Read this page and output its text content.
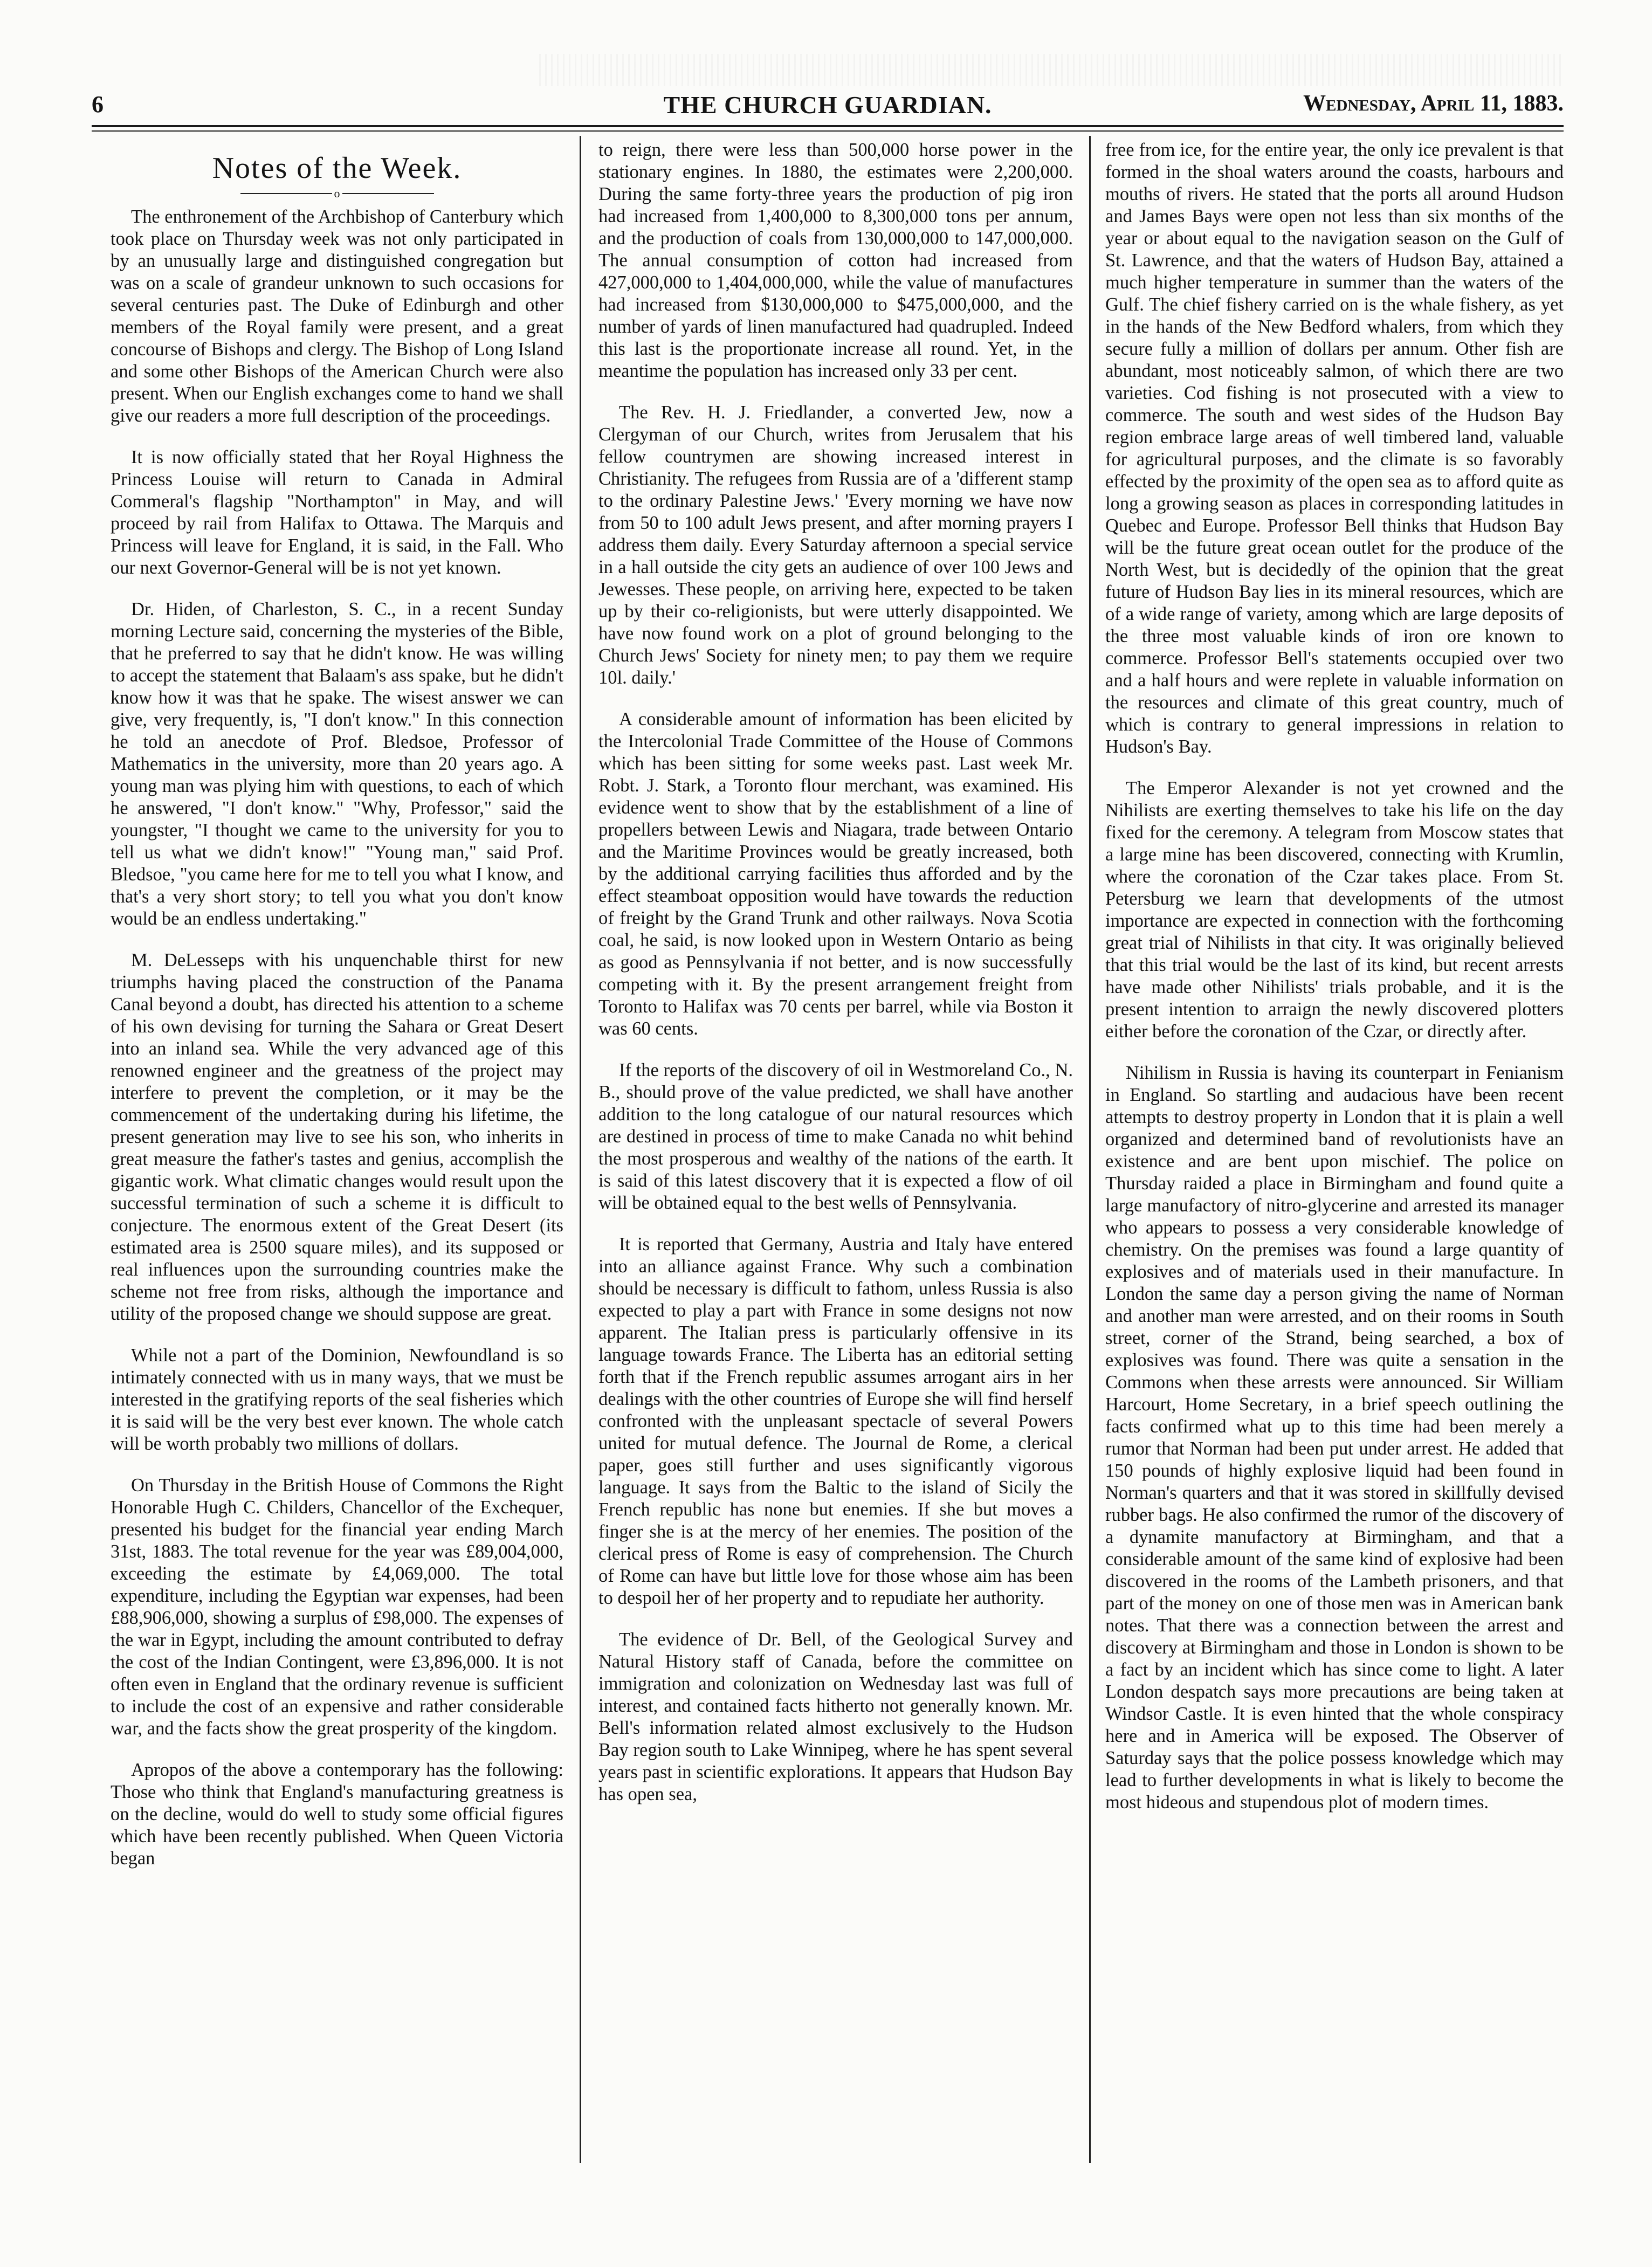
6	THE CHURCH GUARDIAN.	Wednesday, April 11, 1883.
Notes of the Week.
o

The enthronement of the Archbishop of Canterbury which took place on Thursday week was not only participated in by an unusually large and distinguished congregation but was on a scale of grandeur unknown to such occasions for several centuries past. The Duke of Edinburgh and other members of the Royal family were present, and a great concourse of Bishops and clergy. The Bishop of Long Island and some other Bishops of the American Church were also present. When our English exchanges come to hand we shall give our readers a more full description of the proceedings.

It is now officially stated that her Royal Highness the Princess Louise will return to Canada in Admiral Commeral's flagship "Northampton" in May, and will proceed by rail from Halifax to Ottawa. The Marquis and Princess will leave for England, it is said, in the Fall. Who our next Governor-General will be is not yet known.

Dr. Hiden, of Charleston, S. C., in a recent Sunday morning Lecture said, concerning the mysteries of the Bible, that he preferred to say that he didn't know. He was willing to accept the statement that Balaam's ass spake, but he didn't know how it was that he spake. The wisest answer we can give, very frequently, is, "I don't know." In this connection he told an anecdote of Prof. Bledsoe, Professor of Mathematics in the university, more than 20 years ago. A young man was plying him with questions, to each of which he answered, "I don't know." "Why, Professor," said the youngster, "I thought we came to the university for you to tell us what we didn't know!" "Young man," said Prof. Bledsoe, "you came here for me to tell you what I know, and that's a very short story; to tell you what you don't know would be an endless undertaking."

M. DeLesseps with his unquenchable thirst for new triumphs having placed the construction of the Panama Canal beyond a doubt, has directed his attention to a scheme of his own devising for turning the Sahara or Great Desert into an inland sea. While the very advanced age of this renowned engineer and the greatness of the project may interfere to prevent the completion, or it may be the commencement of the undertaking during his lifetime, the present generation may live to see his son, who inherits in great measure the father's tastes and genius, accomplish the gigantic work. What climatic changes would result upon the successful termination of such a scheme it is difficult to conjecture. The enormous extent of the Great Desert (its estimated area is 2500 square miles), and its supposed or real influences upon the surrounding countries make the scheme not free from risks, although the importance and utility of the proposed change we should suppose are great.

While not a part of the Dominion, Newfoundland is so intimately connected with us in many ways, that we must be interested in the gratifying reports of the seal fisheries which it is said will be the very best ever known. The whole catch will be worth probably two millions of dollars.

On Thursday in the British House of Commons the Right Honorable Hugh C. Childers, Chancellor of the Exchequer, presented his budget for the financial year ending March 31st, 1883. The total revenue for the year was £89,004,000, exceeding the estimate by £4,069,000. The total expenditure, including the Egyptian war expenses, had been £88,906,000, showing a surplus of £98,000. The expenses of the war in Egypt, including the amount contributed to defray the cost of the Indian Contingent, were £3,896,000. It is not often even in England that the ordinary revenue is sufficient to include the cost of an expensive and rather considerable war, and the facts show the great prosperity of the kingdom.

Apropos of the above a contemporary has the following: Those who think that England's manufacturing greatness is on the decline, would do well to study some official figures which have been recently published. When Queen Victoria began

to reign, there were less than 500,000 horse power in the stationary engines. In 1880, the estimates were 2,200,000. During the same forty-three years the production of pig iron had increased from 1,400,000 to 8,300,000 tons per annum, and the production of coals from 130,000,000 to 147,000,000. The annual consumption of cotton had increased from 427,000,000 to 1,404,000,000, while the value of manufactures had increased from $130,000,000 to $475,000,000, and the number of yards of linen manufactured had quadrupled. Indeed this last is the proportionate increase all round. Yet, in the meantime the population has increased only 33 per cent.

The Rev. H. J. Friedlander, a converted Jew, now a Clergyman of our Church, writes from Jerusalem that his fellow countrymen are showing increased interest in Christianity. The refugees from Russia are of a 'different stamp to the ordinary Palestine Jews.' 'Every morning we have now from 50 to 100 adult Jews present, and after morning prayers I address them daily. Every Saturday afternoon a special service in a hall outside the city gets an audience of over 100 Jews and Jewesses. These people, on arriving here, expected to be taken up by their co-religionists, but were utterly disappointed. We have now found work on a plot of ground belonging to the Church Jews' Society for ninety men; to pay them we require 10l. daily.'

A considerable amount of information has been elicited by the Intercolonial Trade Committee of the House of Commons which has been sitting for some weeks past. Last week Mr. Robt. J. Stark, a Toronto flour merchant, was examined. His evidence went to show that by the establishment of a line of propellers between Lewis and Niagara, trade between Ontario and the Maritime Provinces would be greatly increased, both by the additional carrying facilities thus afforded and by the effect steamboat opposition would have towards the reduction of freight by the Grand Trunk and other railways. Nova Scotia coal, he said, is now looked upon in Western Ontario as being as good as Pennsylvania if not better, and is now successfully competing with it. By the present arrangement freight from Toronto to Halifax was 70 cents per barrel, while via Boston it was 60 cents.

If the reports of the discovery of oil in Westmoreland Co., N. B., should prove of the value predicted, we shall have another addition to the long catalogue of our natural resources which are destined in process of time to make Canada no whit behind the most prosperous and wealthy of the nations of the earth. It is said of this latest discovery that it is expected a flow of oil will be obtained equal to the best wells of Pennsylvania.

It is reported that Germany, Austria and Italy have entered into an alliance against France. Why such a combination should be necessary is difficult to fathom, unless Russia is also expected to play a part with France in some designs not now apparent. The Italian press is particularly offensive in its language towards France. The Liberta has an editorial setting forth that if the French republic assumes arrogant airs in her dealings with the other countries of Europe she will find herself confronted with the unpleasant spectacle of several Powers united for mutual defence. The Journal de Rome, a clerical paper, goes still further and uses significantly vigorous language. It says from the Baltic to the island of Sicily the French republic has none but enemies. If she but moves a finger she is at the mercy of her enemies. The position of the clerical press of Rome is easy of comprehension. The Church of Rome can have but little love for those whose aim has been to despoil her of her property and to repudiate her authority.

The evidence of Dr. Bell, of the Geological Survey and Natural History staff of Canada, before the committee on immigration and colonization on Wednesday last was full of interest, and contained facts hitherto not generally known. Mr. Bell's information related almost exclusively to the Hudson Bay region south to Lake Winnipeg, where he has spent several years past in scientific explorations. It appears that Hudson Bay has open sea,

free from ice, for the entire year, the only ice prevalent is that formed in the shoal waters around the coasts, harbours and mouths of rivers. He stated that the ports all around Hudson and James Bays were open not less than six months of the year or about equal to the navigation season on the Gulf of St. Lawrence, and that the waters of Hudson Bay, attained a much higher temperature in summer than the waters of the Gulf. The chief fishery carried on is the whale fishery, as yet in the hands of the New Bedford whalers, from which they secure fully a million of dollars per annum. Other fish are abundant, most noticeably salmon, of which there are two varieties. Cod fishing is not prosecuted with a view to commerce. The south and west sides of the Hudson Bay region embrace large areas of well timbered land, valuable for agricultural purposes, and the climate is so favorably effected by the proximity of the open sea as to afford quite as long a growing season as places in corresponding latitudes in Quebec and Europe. Professor Bell thinks that Hudson Bay will be the future great ocean outlet for the produce of the North West, but is decidedly of the opinion that the great future of Hudson Bay lies in its mineral resources, which are of a wide range of variety, among which are large deposits of the three most valuable kinds of iron ore known to commerce. Professor Bell's statements occupied over two and a half hours and were replete in valuable information on the resources and climate of this great country, much of which is contrary to general impressions in relation to Hudson's Bay.

The Emperor Alexander is not yet crowned and the Nihilists are exerting themselves to take his life on the day fixed for the ceremony. A telegram from Moscow states that a large mine has been discovered, connecting with Krumlin, where the coronation of the Czar takes place. From St. Petersburg we learn that developments of the utmost importance are expected in connection with the forthcoming great trial of Nihilists in that city. It was originally believed that this trial would be the last of its kind, but recent arrests have made other Nihilists' trials probable, and it is the present intention to arraign the newly discovered plotters either before the coronation of the Czar, or directly after.

Nihilism in Russia is having its counterpart in Fenianism in England. So startling and audacious have been recent attempts to destroy property in London that it is plain a well organized and determined band of revolutionists have an existence and are bent upon mischief. The police on Thursday raided a place in Birmingham and found quite a large manufactory of nitro-glycerine and arrested its manager who appears to possess a very considerable knowledge of chemistry. On the premises was found a large quantity of explosives and of materials used in their manufacture. In London the same day a person giving the name of Norman and another man were arrested, and on their rooms in South street, corner of the Strand, being searched, a box of explosives was found. There was quite a sensation in the Commons when these arrests were announced. Sir William Harcourt, Home Secretary, in a brief speech outlining the facts confirmed what up to this time had been merely a rumor that Norman had been put under arrest. He added that 150 pounds of highly explosive liquid had been found in Norman's quarters and that it was stored in skillfully devised rubber bags. He also confirmed the rumor of the discovery of a dynamite manufactory at Birmingham, and that a considerable amount of the same kind of explosive had been discovered in the rooms of the Lambeth prisoners, and that part of the money on one of those men was in American bank notes. That there was a connection between the arrest and discovery at Birmingham and those in London is shown to be a fact by an incident which has since come to light. A later London despatch says more precautions are being taken at Windsor Castle. It is even hinted that the whole conspiracy here and in America will be exposed. The Observer of Saturday says that the police possess knowledge which may lead to further developments in what is likely to become the most hideous and stupendous plot of modern times.
